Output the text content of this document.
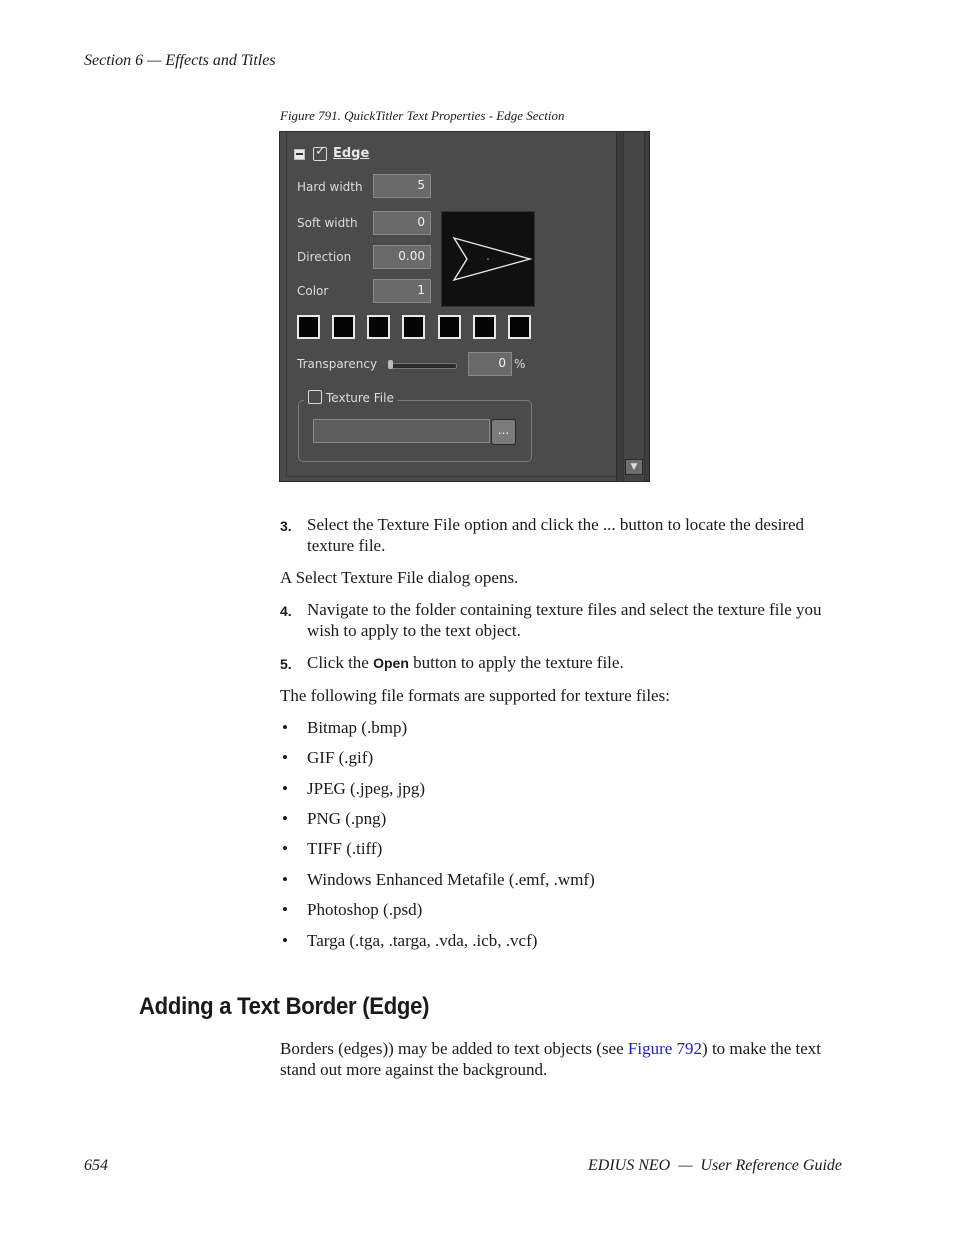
Section 6 — Effects and Titles
Figure 791. QuickTitler Text Properties - Edge Section
✓ Edge
Hard width	5
Soft width	0
Direction	0.00
Color	1
Transparency	0 %
Texture File
...
▼
3. Select the Texture File option and click the ... button to locate the desired texture file.
A Select Texture File dialog opens.
4. Navigate to the folder containing texture files and select the texture file you wish to apply to the text object.
5. Click the Open button to apply the texture file.
The following file formats are supported for texture files:
• Bitmap (.bmp)
• GIF (.gif)
• JPEG (.jpeg, jpg)
• PNG (.png)
• TIFF (.tiff)
• Windows Enhanced Metafile (.emf, .wmf)
• Photoshop (.psd)
• Targa (.tga, .targa, .vda, .icb, .vcf)
Adding a Text Border (Edge)
Borders (edges)) may be added to text objects (see Figure 792) to make the text stand out more against the background.
654	EDIUS NEO  —  User Reference Guide
